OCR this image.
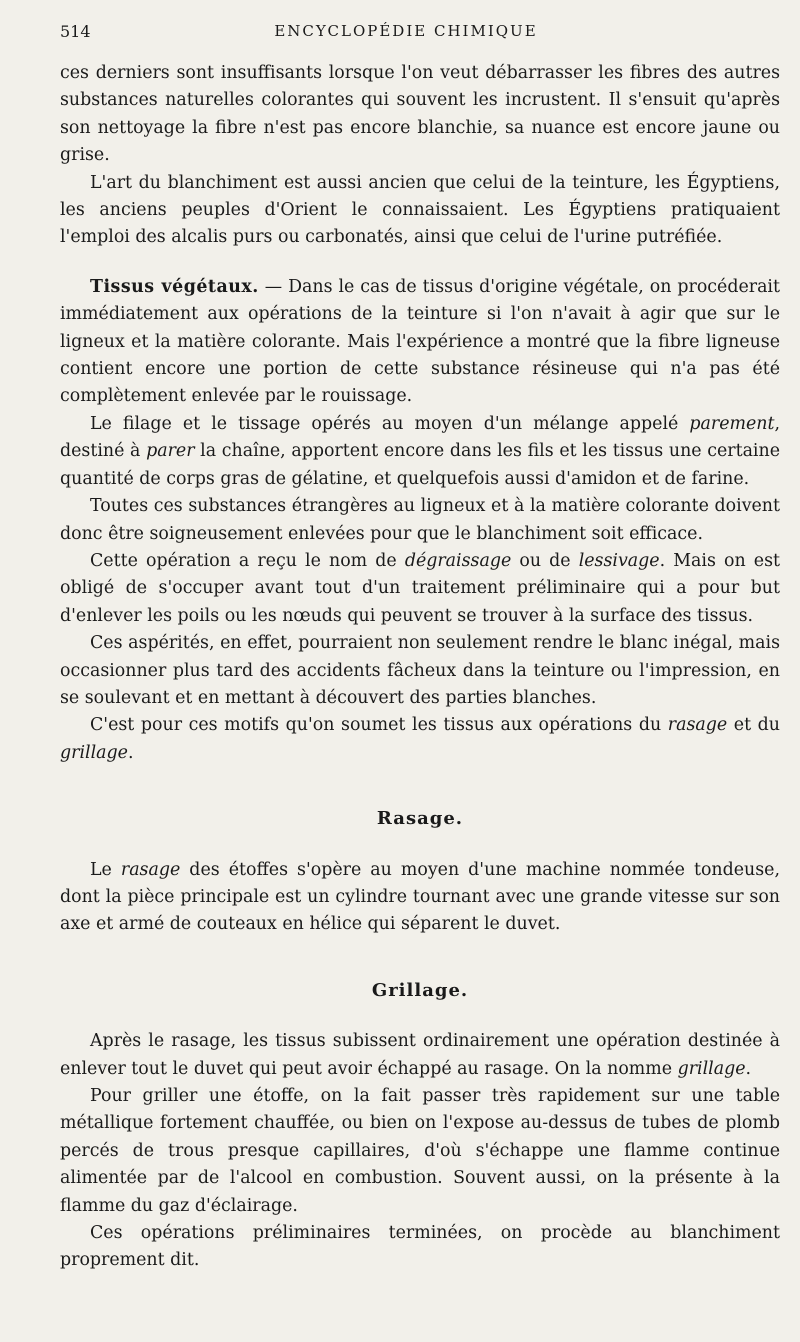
514	ENCYCLOPÉDIE CHIMIQUE

ces derniers sont insuffisants lorsque l'on veut débarrasser les fibres des autres substances naturelles colorantes qui souvent les incrustent. Il s'ensuit qu'après son nettoyage la fibre n'est pas encore blanchie, sa nuance est encore jaune ou grise.

L'art du blanchiment est aussi ancien que celui de la teinture, les Égyptiens, les anciens peuples d'Orient le connaissaient. Les Égyptiens pratiquaient l'emploi des alcalis purs ou carbonatés, ainsi que celui de l'urine putréfiée.

Tissus végétaux. — Dans le cas de tissus d'origine végétale, on procéderait immédiatement aux opérations de la teinture si l'on n'avait à agir que sur le ligneux et la matière colorante. Mais l'expérience a montré que la fibre ligneuse contient encore une portion de cette substance résineuse qui n'a pas été complètement enlevée par le rouissage.

Le filage et le tissage opérés au moyen d'un mélange appelé parement, destiné à parer la chaîne, apportent encore dans les fils et les tissus une certaine quantité de corps gras de gélatine, et quelquefois aussi d'amidon et de farine.

Toutes ces substances étrangères au ligneux et à la matière colorante doivent donc être soigneusement enlevées pour que le blanchiment soit efficace.

Cette opération a reçu le nom de dégraissage ou de lessivage. Mais on est obligé de s'occuper avant tout d'un traitement préliminaire qui a pour but d'enlever les poils ou les nœuds qui peuvent se trouver à la surface des tissus.

Ces aspérités, en effet, pourraient non seulement rendre le blanc inégal, mais occasionner plus tard des accidents fâcheux dans la teinture ou l'impression, en se soulevant et en mettant à découvert des parties blanches.

C'est pour ces motifs qu'on soumet les tissus aux opérations du rasage et du grillage.

Rasage.

Le rasage des étoffes s'opère au moyen d'une machine nommée tondeuse, dont la pièce principale est un cylindre tournant avec une grande vitesse sur son axe et armé de couteaux en hélice qui séparent le duvet.

Grillage.

Après le rasage, les tissus subissent ordinairement une opération destinée à enlever tout le duvet qui peut avoir échappé au rasage. On la nomme grillage.

Pour griller une étoffe, on la fait passer très rapidement sur une table métallique fortement chauffée, ou bien on l'expose au-dessus de tubes de plomb percés de trous presque capillaires, d'où s'échappe une flamme continue alimentée par de l'alcool en combustion. Souvent aussi, on la présente à la flamme du gaz d'éclairage.

Ces opérations préliminaires terminées, on procède au blanchiment proprement dit.
